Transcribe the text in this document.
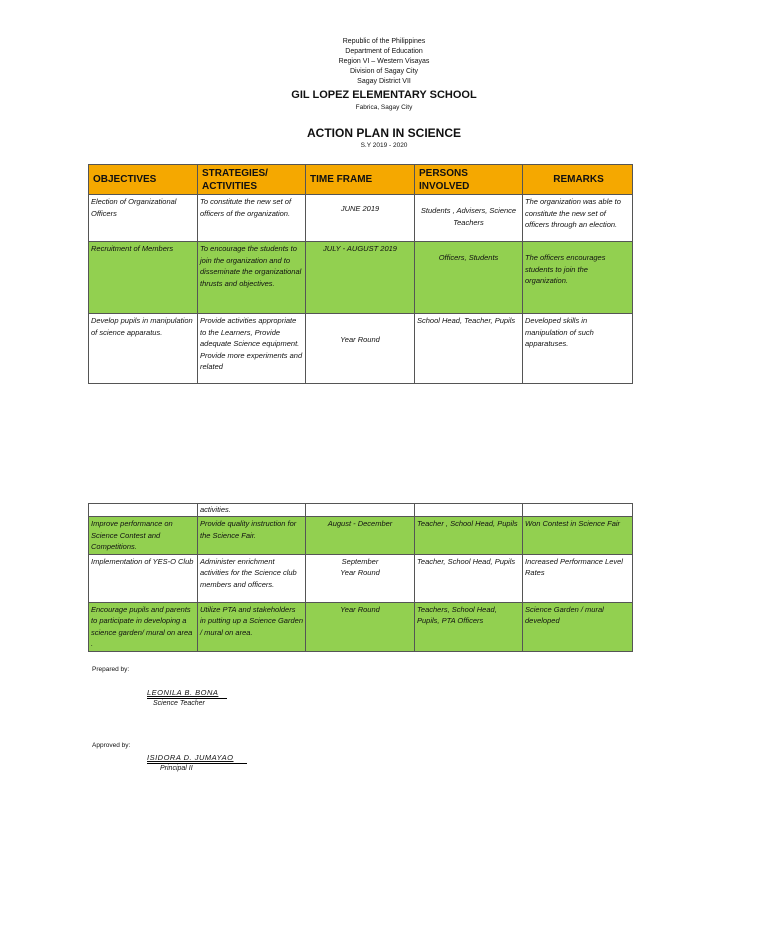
Republic of the Philippines
Department of Education
Region VI – Western Visayas
Division of Sagay City
Sagay District VII
GIL LOPEZ ELEMENTARY SCHOOL
Fabrica, Sagay City
ACTION PLAN IN SCIENCE
S.Y 2019 - 2020
OBJECTIVES	STRATEGIES/ ACTIVITIES	TIME FRAME	PERSONS INVOLVED	REMARKS
Election of Organizational Officers	To constitute the new set of officers of the organization.	JUNE 2019	Students , Advisers, Science Teachers	The organization was able to constitute the new set of officers through an election.
Recruitment of Members	To encourage the students to join the organization and to disseminate the organizational thrusts and objectives.	JULY - AUGUST 2019	Officers, Students	The officers encourages students to join the organization.
Develop pupils in manipulation of science apparatus.	Provide activities appropriate to the Learners, Provide adequate Science equipment. Provide more experiments and related	Year Round	School Head, Teacher, Pupils	Developed skills in manipulation of such apparatuses.
	activities.			
Improve performance on Science Contest and Competitions.	Provide quality instruction for the Science Fair.	August - December	Teacher , School Head, Pupils	Won Contest in Science Fair
Implementation of YES-O Club	Administer enrichment activities for the Science club members and officers.	September Year Round	Teacher, School Head, Pupils	Increased Performance Level Rates
Encourage pupils and parents to participate in developing a science garden/ mural on area .	Utilize PTA and stakeholders in putting up a Science Garden / mural on area.	Year Round	Teachers, School Head, Pupils, PTA Officers	Science Garden / mural developed
Prepared by:
LEONILA B. BONA
Science Teacher
Approved by:
ISIDORA D. JUMAYAO
Principal II
